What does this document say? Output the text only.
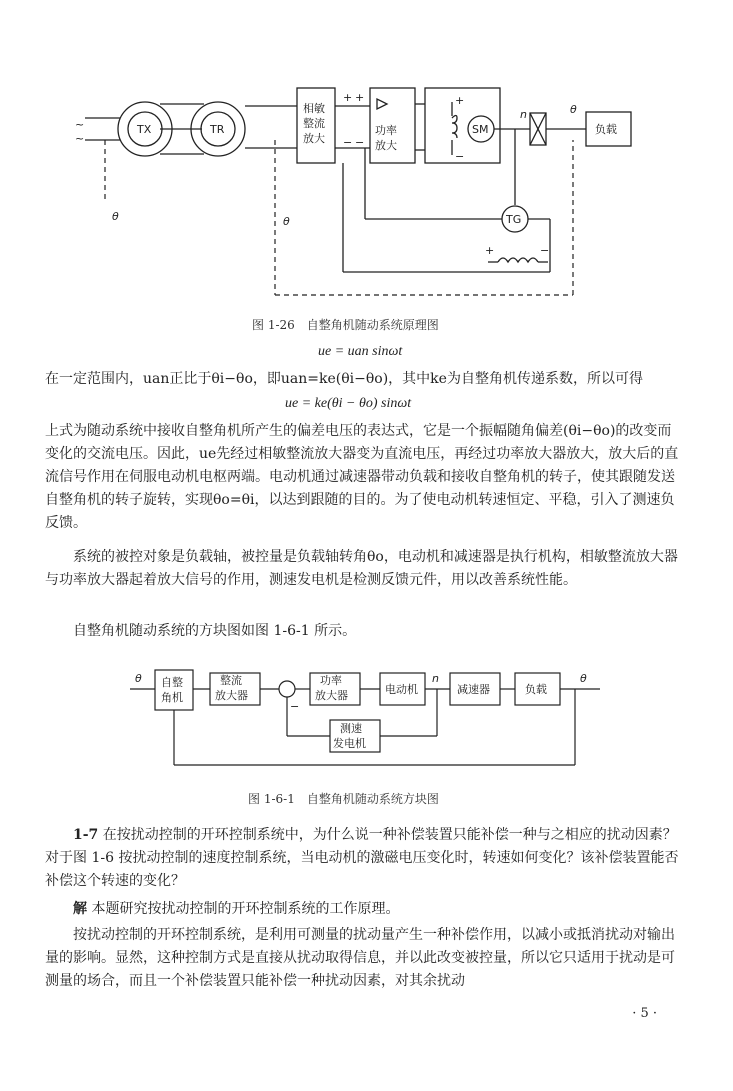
~
~
TX	TR
相敏
整流
放大
功率
放大
SM
TG
负载
+ +
− −
+
−
+	−
n	θ
θ	θ
图 1-26　自整角机随动系统原理图
ue = uan sinωt

在一定范围内，uan正比于θi−θo，即uan=ke(θi−θo)，其中ke为自整角机传递系数，所以可得

ue = ke(θi − θo) sinωt

上式为随动系统中接收自整角机所产生的偏差电压的表达式，它是一个振幅随角偏差(θi−θo)的改变而变化的交流电压。因此，ue先经过相敏整流放大器变为直流电压，再经过功率放大器放大，放大后的直流信号作用在伺服电动机电枢两端。电动机通过减速器带动负载和接收自整角机的转子，使其跟随发送自整角机的转子旋转，实现θo=θi，以达到跟随的目的。为了使电动机转速恒定、平稳，引入了测速负反馈。

系统的被控对象是负载轴，被控量是负载轴转角θo，电动机和减速器是执行机构，相敏整流放大器与功率放大器起着放大信号的作用，测速发电机是检测反馈元件，用以改善系统性能。

自整角机随动系统的方块图如图 1-6-1 所示。

自整
角机
整流
放大器
功率
放大器	电动机	减速器	负载
测速
发电机
θ	θ
n
−
图 1-6-1　自整角机随动系统方块图

1-7 在按扰动控制的开环控制系统中，为什么说一种补偿装置只能补偿一种与之相应的扰动因素？对于图 1-6 按扰动控制的速度控制系统，当电动机的激磁电压变化时，转速如何变化？该补偿装置能否补偿这个转速的变化？

解 本题研究按扰动控制的开环控制系统的工作原理。

按扰动控制的开环控制系统，是利用可测量的扰动量产生一种补偿作用，以减小或抵消扰动对输出量的影响。显然，这种控制方式是直接从扰动取得信息，并以此改变被控量，所以它只适用于扰动是可测量的场合，而且一个补偿装置只能补偿一种扰动因素，对其余扰动

· 5 ·
